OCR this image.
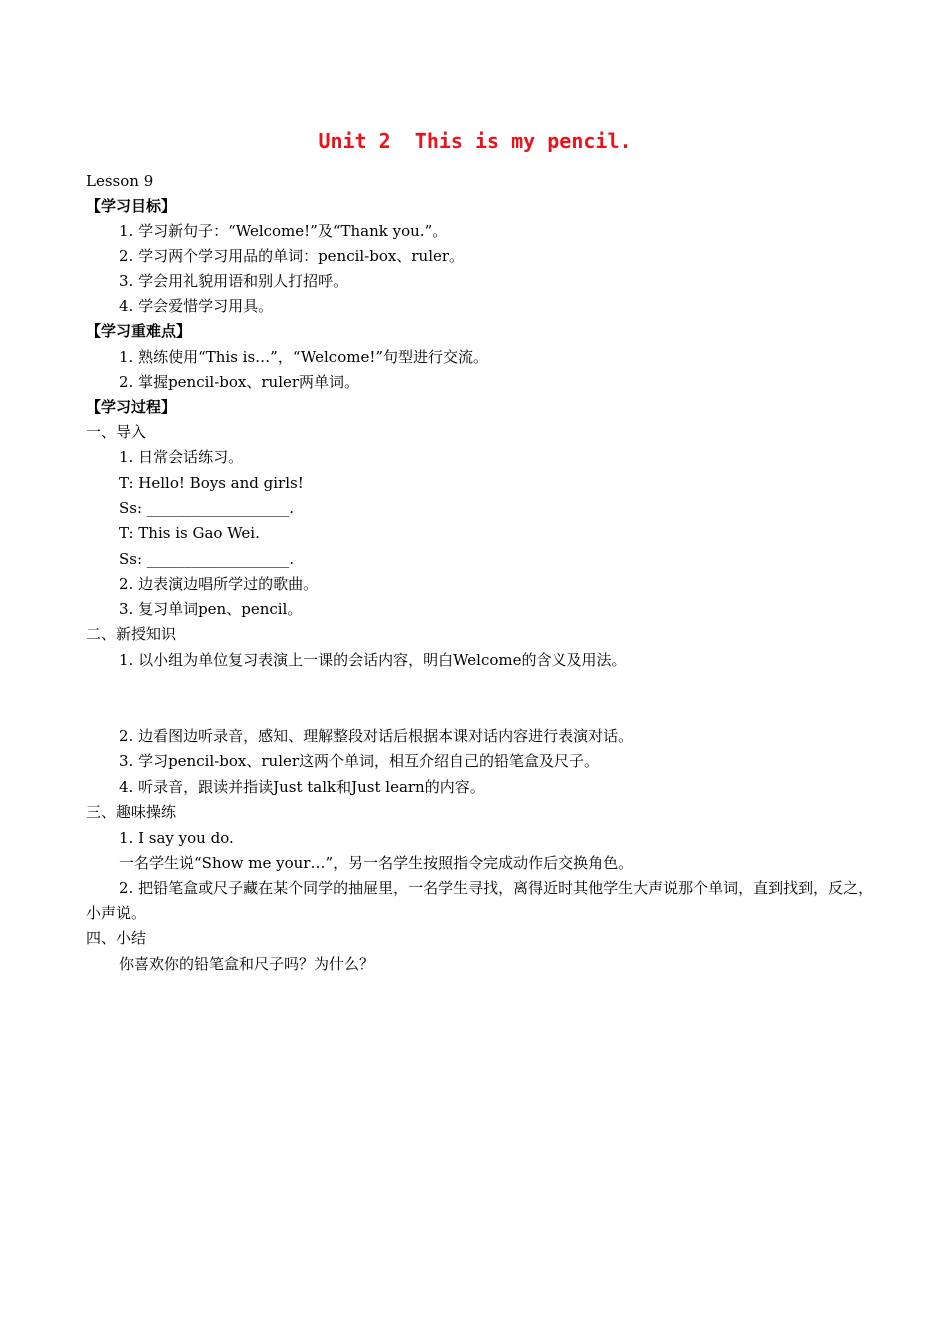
Unit 2  This is my pencil.
Lesson 9
【学习目标】
1. 学习新句子：“Welcome!”及“Thank you.”。
2. 学习两个学习用品的单词：pencil-box、ruler。
3. 学会用礼貌用语和别人打招呼。
4. 学会爱惜学习用具。
【学习重难点】
1. 熟练使用“This is…”，“Welcome!”句型进行交流。
2. 掌握pencil-box、ruler两单词。
【学习过程】
一、导入
1. 日常会话练习。
T: Hello! Boys and girls!
Ss: ___________________.
T: This is Gao Wei.
Ss: ___________________.
2. 边表演边唱所学过的歌曲。
3. 复习单词pen、pencil。
二、新授知识
1. 以小组为单位复习表演上一课的会话内容，明白Welcome的含义及用法。
2. 边看图边听录音，感知、理解整段对话后根据本课对话内容进行表演对话。
3. 学习pencil-box、ruler这两个单词，相互介绍自己的铅笔盒及尺子。
4. 听录音，跟读并指读Just talk和Just learn的内容。
三、趣味操练
1. I say you do.
一名学生说“Show me your…”，另一名学生按照指令完成动作后交换角色。
2. 把铅笔盒或尺子藏在某个同学的抽屉里，一名学生寻找，离得近时其他学生大声说那个单词，直到找到，反之，小声说。
四、小结
你喜欢你的铅笔盒和尺子吗？为什么？
